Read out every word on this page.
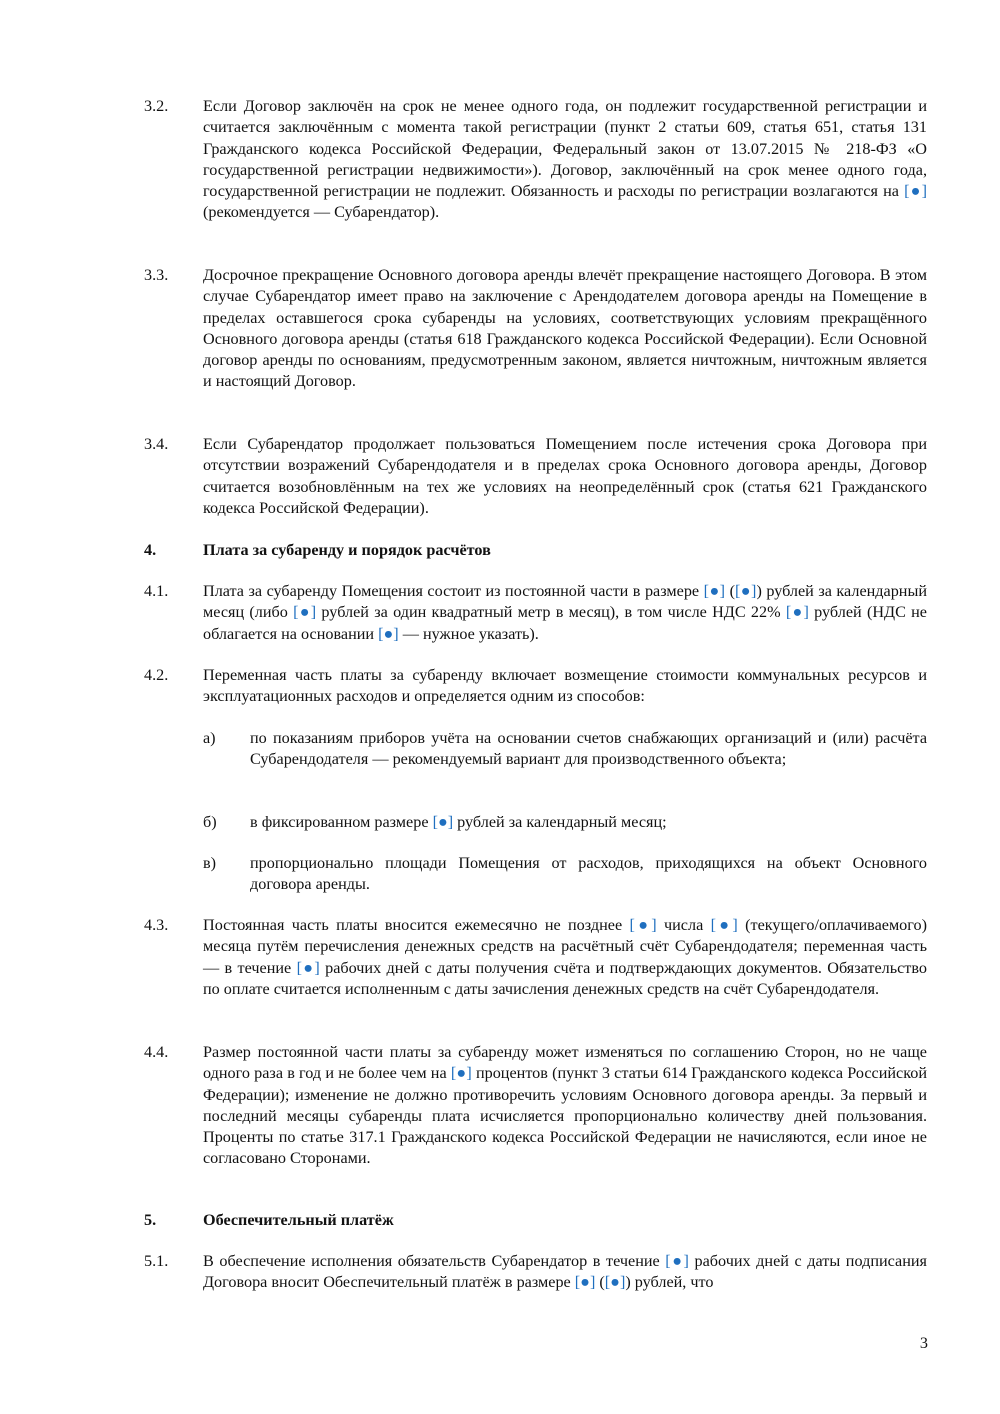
3.2. Если Договор заключён на срок не менее одного года, он подлежит государственной регистрации и считается заключённым с момента такой регистрации (пункт 2 статьи 609, статья 651, статья 131 Гражданского кодекса Российской Федерации, Федеральный закон от 13.07.2015 № 218-ФЗ «О государственной регистрации недвижимости»). Договор, заключённый на срок менее одного года, государственной регистрации не подлежит. Обязанность и расходы по регистрации возлагаются на [●] (рекомендуется — Субарендатор).
3.3. Досрочное прекращение Основного договора аренды влечёт прекращение настоящего Договора. В этом случае Субарендатор имеет право на заключение с Арендодателем договора аренды на Помещение в пределах оставшегося срока субаренды на условиях, соответствующих условиям прекращённого Основного договора аренды (статья 618 Гражданского кодекса Российской Федерации). Если Основной договор аренды по основаниям, предусмотренным законом, является ничтожным, ничтожным является и настоящий Договор.
3.4. Если Субарендатор продолжает пользоваться Помещением после истечения срока Договора при отсутствии возражений Субарендодателя и в пределах срока Основного договора аренды, Договор считается возобновлённым на тех же условиях на неопределённый срок (статья 621 Гражданского кодекса Российской Федерации).
4.	Плата за субаренду и порядок расчётов
4.1. Плата за субаренду Помещения состоит из постоянной части в размере [●] ([●]) рублей за календарный месяц (либо [●] рублей за один квадратный метр в месяц), в том числе НДС 22% [●] рублей (НДС не облагается на основании [●] — нужное указать).
4.2. Переменная часть платы за субаренду включает возмещение стоимости коммунальных ресурсов и эксплуатационных расходов и определяется одним из способов:
а) по показаниям приборов учёта на основании счетов снабжающих организаций и (или) расчёта Субарендодателя — рекомендуемый вариант для производственного объекта;
б) в фиксированном размере [●] рублей за календарный месяц;
в) пропорционально площади Помещения от расходов, приходящихся на объект Основного договора аренды.
4.3. Постоянная часть платы вносится ежемесячно не позднее [●] числа [●] (текущего/оплачиваемого) месяца путём перечисления денежных средств на расчётный счёт Субарендодателя; переменная часть — в течение [●] рабочих дней с даты получения счёта и подтверждающих документов. Обязательство по оплате считается исполненным с даты зачисления денежных средств на счёт Субарендодателя.
4.4. Размер постоянной части платы за субаренду может изменяться по соглашению Сторон, но не чаще одного раза в год и не более чем на [●] процентов (пункт 3 статьи 614 Гражданского кодекса Российской Федерации); изменение не должно противоречить условиям Основного договора аренды. За первый и последний месяцы субаренды плата исчисляется пропорционально количеству дней пользования. Проценты по статье 317.1 Гражданского кодекса Российской Федерации не начисляются, если иное не согласовано Сторонами.
5.	Обеспечительный платёж
5.1. В обеспечение исполнения обязательств Субарендатор в течение [●] рабочих дней с даты подписания Договора вносит Обеспечительный платёж в размере [●] ([●]) рублей, что
3
